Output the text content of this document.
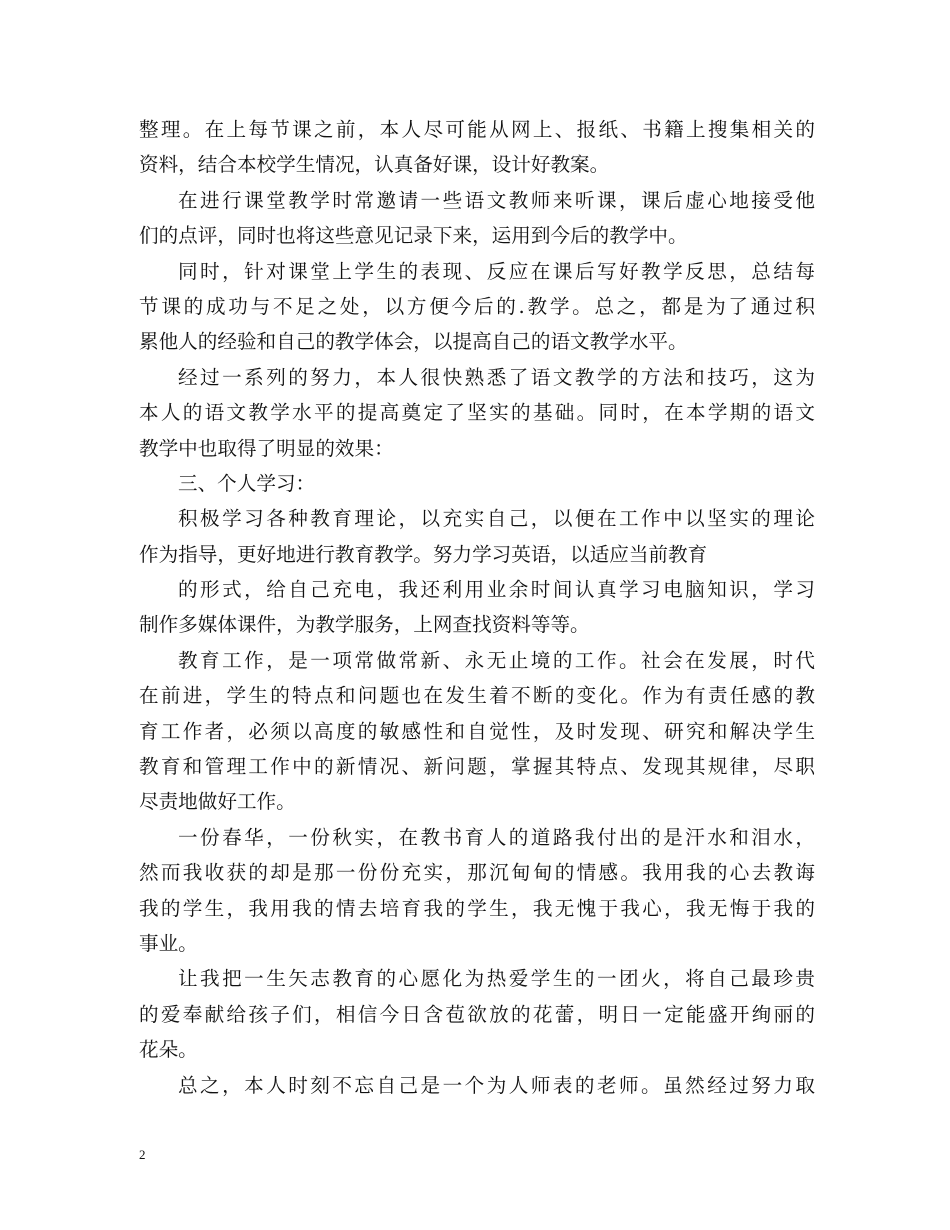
整理。在上每节课之前，本人尽可能从网上、报纸、书籍上搜集相关的
资料，结合本校学生情况，认真备好课，设计好教案。
在进行课堂教学时常邀请一些语文教师来听课，课后虚心地接受他
们的点评，同时也将这些意见记录下来，运用到今后的教学中。
同时，针对课堂上学生的表现、反应在课后写好教学反思，总结每
节课的成功与不足之处，以方便今后的.教学。总之，都是为了通过积
累他人的经验和自己的教学体会，以提高自己的语文教学水平。
经过一系列的努力，本人很快熟悉了语文教学的方法和技巧，这为
本人的语文教学水平的提高奠定了坚实的基础。同时，在本学期的语文
教学中也取得了明显的效果：
三、个人学习：
积极学习各种教育理论，以充实自己，以便在工作中以坚实的理论
作为指导，更好地进行教育教学。努力学习英语，以适应当前教育
的形式，给自己充电，我还利用业余时间认真学习电脑知识，学习
制作多媒体课件，为教学服务，上网查找资料等等。
教育工作，是一项常做常新、永无止境的工作。社会在发展，时代
在前进，学生的特点和问题也在发生着不断的变化。作为有责任感的教
育工作者，必须以高度的敏感性和自觉性，及时发现、研究和解决学生
教育和管理工作中的新情况、新问题，掌握其特点、发现其规律，尽职
尽责地做好工作。
一份春华，一份秋实，在教书育人的道路我付出的是汗水和泪水，
然而我收获的却是那一份份充实，那沉甸甸的情感。我用我的心去教诲
我的学生，我用我的情去培育我的学生，我无愧于我心，我无悔于我的
事业。
让我把一生矢志教育的心愿化为热爱学生的一团火，将自己最珍贵
的爱奉献给孩子们，相信今日含苞欲放的花蕾，明日一定能盛开绚丽的
花朵。
总之，本人时刻不忘自己是一个为人师表的老师。虽然经过努力取
2
